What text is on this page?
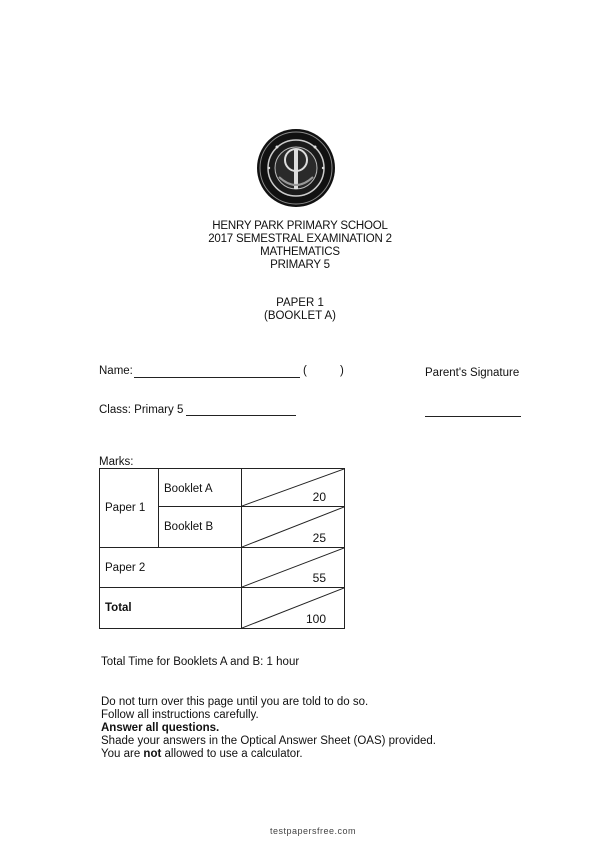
HENRY PARK PRIMARY SCHOOL
2017 SEMESTRAL EXAMINATION 2
MATHEMATICS
PRIMARY 5
PAPER 1
(BOOKLET A)
Name:	(	)	Parent's Signature
Class: Primary 5
Marks:
Paper 1	Booklet A	20

	Booklet B	25

Paper 2		55

Total		100
Total Time for Booklets A and B: 1 hour
Do not turn over this page until you are told to do so.
Follow all instructions carefully.
Answer all questions.
Shade your answers in the Optical Answer Sheet (OAS) provided.
You are not allowed to use a calculator.
testpapersfree.com
